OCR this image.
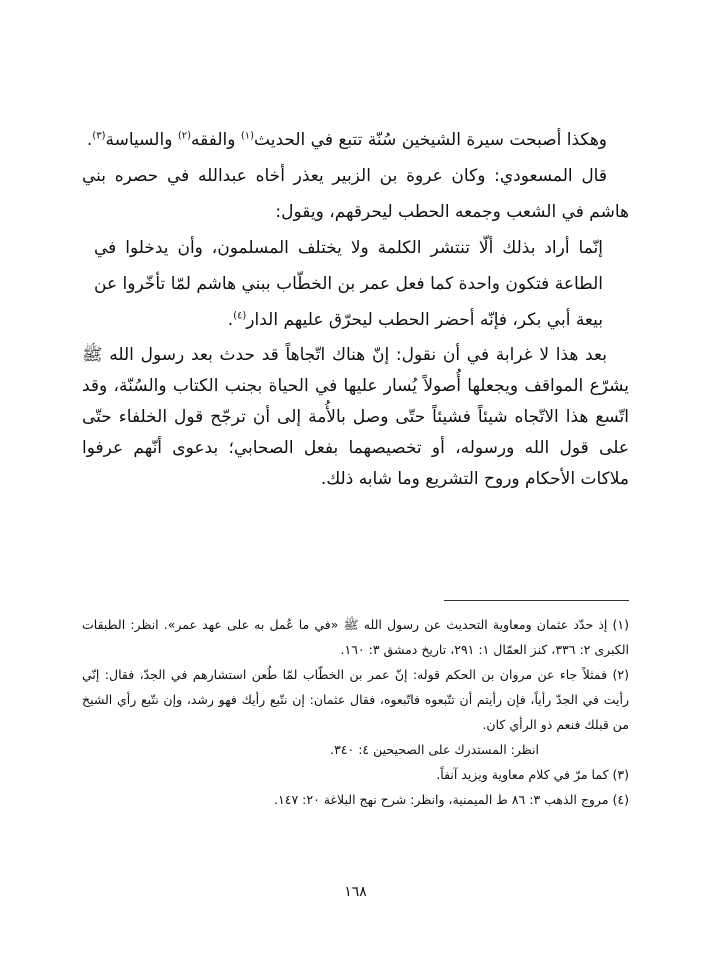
وهكذا أصبحت سيرة الشيخين سُنّة تتبع في الحديث$^{(١)}$ والفقه$^{(٢)}$ والسياسة$^{(٣)}$.

قال المسعودي: وكان عروة بن الزبير يعذر أخاه عبدالله في حصره بني هاشم في الشعب وجمعه الحطب ليحرقهم، ويقول:

إنّما أراد بذلك ألّا تنتشر الكلمة ولا يختلف المسلمون، وأن يدخلوا في الطاعة فتكون واحدة كما فعل عمر بن الخطّاب ببني هاشم لمّا تأخّروا عن بيعة أبي بكر، فإنّه أحضر الحطب ليحرّق عليهم الدار$^{(٤)}$.

بعد هذا لا غرابة في أن نقول: إنّ هناك اتّجاهاً قد حدث بعد رسول الله ﷺ يشرّع المواقف ويجعلها أُصولاً يُسار عليها في الحياة بجنب الكتاب والسُنّة، وقد اتّسع هذا الاتّجاه شيئاً فشيئاً حتّى وصل بالأُمة إلى أن ترجّح قول الخلفاء حتّى على قول الله ورسوله، أو تخصيصهما بفعل الصحابي؛ بدعوى أنّهم عرفوا ملاكات الأحكام وروح التشريع وما شابه ذلك.

(١) إذ حدّد عثمان ومعاوية التحديث عن رسول الله ﷺ «في ما عُمل به على عهد عمر». انظر: الطبقات الكبرى ٢: ٣٣٦، كنز العمّال ١: ٢٩١، تاريخ دمشق ٣: ١٦٠.

(٢) فمثلاً جاء عن مروان بن الحكم قوله: إنّ عمر بن الخطّاب لمّا طُعن استشارهم في الجدّ، فقال: إنّي رأيت في الجدّ رأياً، فإن رأيتم أن تتّبعوه فاتّبعوه، فقال عثمان: إن نتّبع رأيك فهو رشد، وإن نتّبع رأي الشيخ من قبلك فنعم ذو الرأي كان.

انظر: المستدرك على الصحيحين ٤: ٣٤٠.

(٣) كما مرّ في كلام معاوية ويزيد آنفاً.

(٤) مروج الذهب ٣: ٨٦ ط الميمنية، وانظر: شرح نهج البلاغة ٢٠: ١٤٧.

١٦٨
